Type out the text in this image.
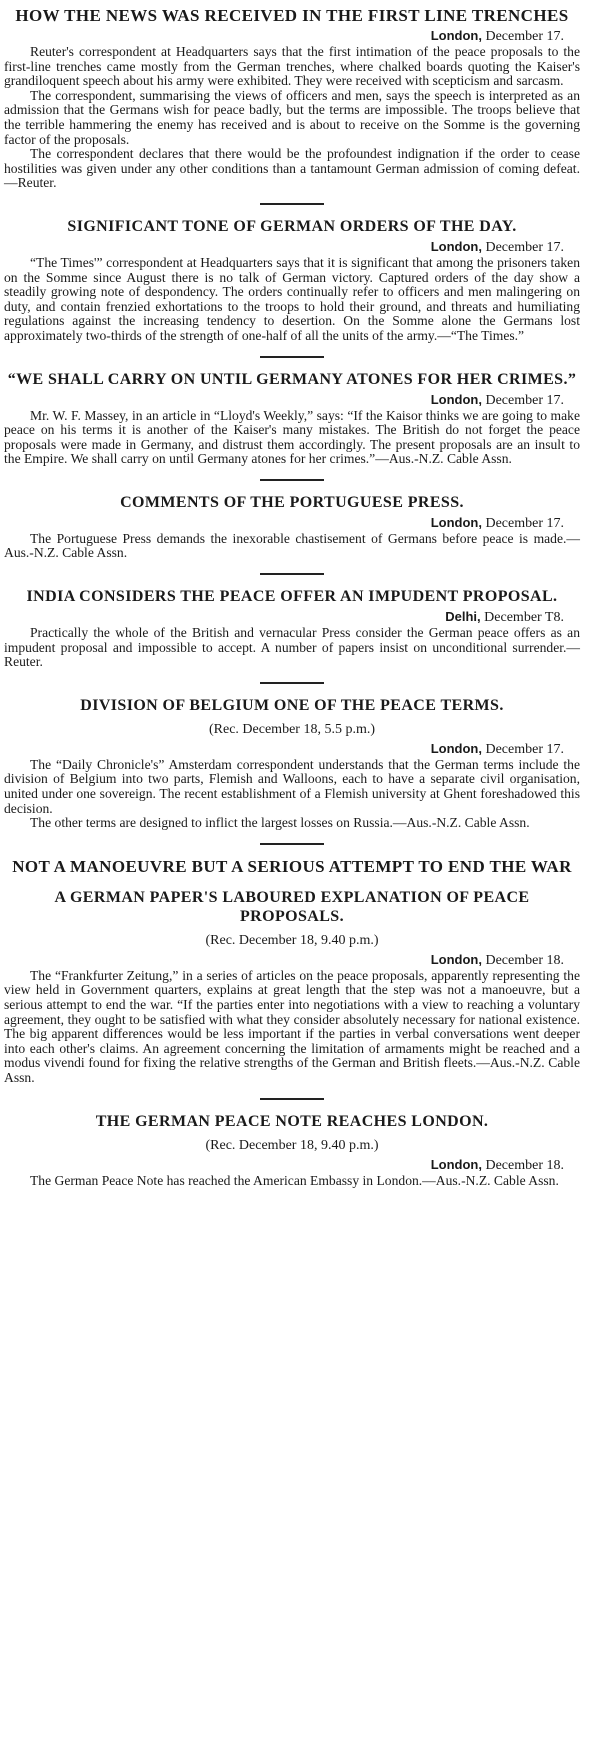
HOW THE NEWS WAS RECEIVED IN THE FIRST LINE TRENCHES

London, December 17.

Reuter's correspondent at Headquarters says that the first intimation of the peace proposals to the first-line trenches came mostly from the German trenches, where chalked boards quoting the Kaiser's grandiloquent speech about his army were exhibited. They were received with scepticism and sarcasm.

The correspondent, summarising the views of officers and men, says the speech is interpreted as an admission that the Germans wish for peace badly, but the terms are impossible. The troops believe that the terrible hammering the enemy has received and is about to receive on the Somme is the governing factor of the proposals.

The correspondent declares that there would be the profoundest indignation if the order to cease hostilities was given under any other conditions than a tantamount German admission of coming defeat.—Reuter.

SIGNIFICANT TONE OF GERMAN ORDERS OF THE DAY.

London, December 17.

“The Times'” correspondent at Headquarters says that it is significant that among the prisoners taken on the Somme since August there is no talk of German victory. Captured orders of the day show a steadily growing note of despondency. The orders continually refer to officers and men malingering on duty, and contain frenzied exhortations to the troops to hold their ground, and threats and humiliating regulations against the increasing tendency to desertion. On the Somme alone the Germans lost approximately two-thirds of the strength of one-half of all the units of the army.—“The Times.”

“WE SHALL CARRY ON UNTIL GERMANY ATONES FOR HER CRIMES.”

London, December 17.

Mr. W. F. Massey, in an article in “Lloyd's Weekly,” says: “If the Kaisor thinks we are going to make peace on his terms it is another of the Kaiser's many mistakes. The British do not forget the peace proposals were made in Germany, and distrust them accordingly. The present proposals are an insult to the Empire. We shall carry on until Germany atones for her crimes.”—Aus.-N.Z. Cable Assn.

COMMENTS OF THE PORTUGUESE PRESS.

London, December 17.

The Portuguese Press demands the inexorable chastisement of Germans before peace is made.—Aus.-N.Z. Cable Assn.

INDIA CONSIDERS THE PEACE OFFER AN IMPUDENT PROPOSAL.

Delhi, December T8.

Practically the whole of the British and vernacular Press consider the German peace offers as an impudent proposal and impossible to accept. A number of papers insist on unconditional surrender.—Reuter.

DIVISION OF BELGIUM ONE OF THE PEACE TERMS.

(Rec. December 18, 5.5 p.m.)

London, December 17.

The “Daily Chronicle's” Amsterdam correspondent understands that the German terms include the division of Belgium into two parts, Flemish and Walloons, each to have a separate civil organisation, united under one sovereign. The recent establishment of a Flemish university at Ghent foreshadowed this decision.

The other terms are designed to inflict the largest losses on Russia.—Aus.-N.Z. Cable Assn.

NOT A MANOEUVRE BUT A SERIOUS ATTEMPT TO END THE WAR
A GERMAN PAPER'S LABOURED EXPLANATION OF PEACE PROPOSALS.

(Rec. December 18, 9.40 p.m.)

London, December 18.

The “Frankfurter Zeitung,” in a series of articles on the peace proposals, apparently representing the view held in Government quarters, explains at great length that the step was not a manoeuvre, but a serious attempt to end the war. “If the parties enter into negotiations with a view to reaching a voluntary agreement, they ought to be satisfied with what they consider absolutely necessary for national existence. The big apparent differences would be less important if the parties in verbal conversations went deeper into each other's claims. An agreement concerning the limitation of armaments might be reached and a modus vivendi found for fixing the relative strengths of the German and British fleets.—Aus.-N.Z. Cable Assn.

THE GERMAN PEACE NOTE REACHES LONDON.

(Rec. December 18, 9.40 p.m.)

London, December 18.

The German Peace Note has reached the American Embassy in London.—Aus.-N.Z. Cable Assn.
